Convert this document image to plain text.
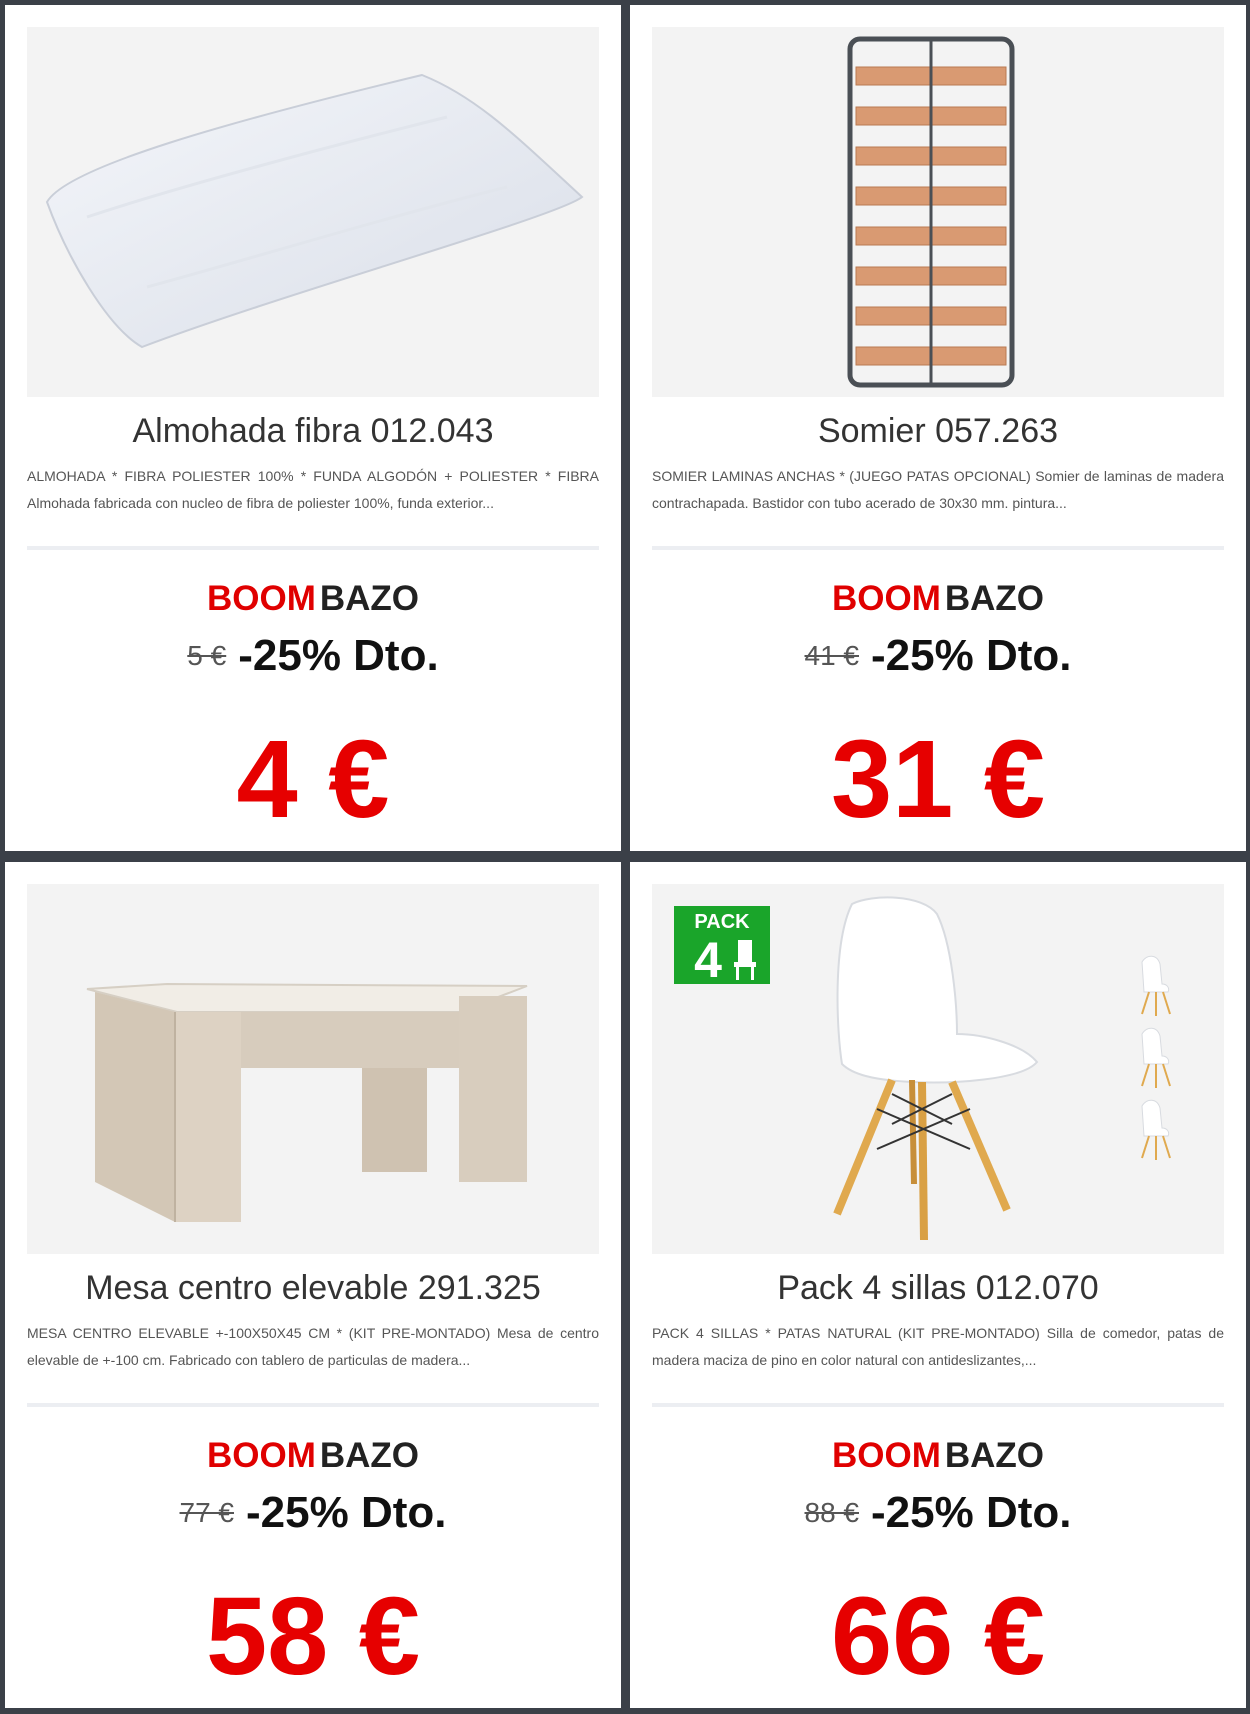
Almohada fibra 012.043
ALMOHADA * FIBRA POLIESTER 100% * FUNDA ALGODÓN + POLIESTER * FIBRA Almohada fabricada con nucleo de fibra de poliester 100%, funda exterior...
BOOM BAZO
5 € -25% Dto.
4 €
Somier 057.263
SOMIER LAMINAS ANCHAS * (JUEGO PATAS OPCIONAL) Somier de laminas de madera contrachapada. Bastidor con tubo acerado de 30x30 mm. pintura...
BOOM BAZO
41 € -25% Dto.
31 €
Mesa centro elevable 291.325
MESA CENTRO ELEVABLE +-100X50X45 CM * (KIT PRE-MONTADO) Mesa de centro elevable de +-100 cm. Fabricado con tablero de particulas de madera...
BOOM BAZO
77 € -25% Dto.
58 €
PACK
4
Pack 4 sillas 012.070
PACK 4 SILLAS * PATAS NATURAL (KIT PRE-MONTADO) Silla de comedor, patas de madera maciza de pino en color natural con antideslizantes,...
BOOM BAZO
88 € -25% Dto.
66 €
